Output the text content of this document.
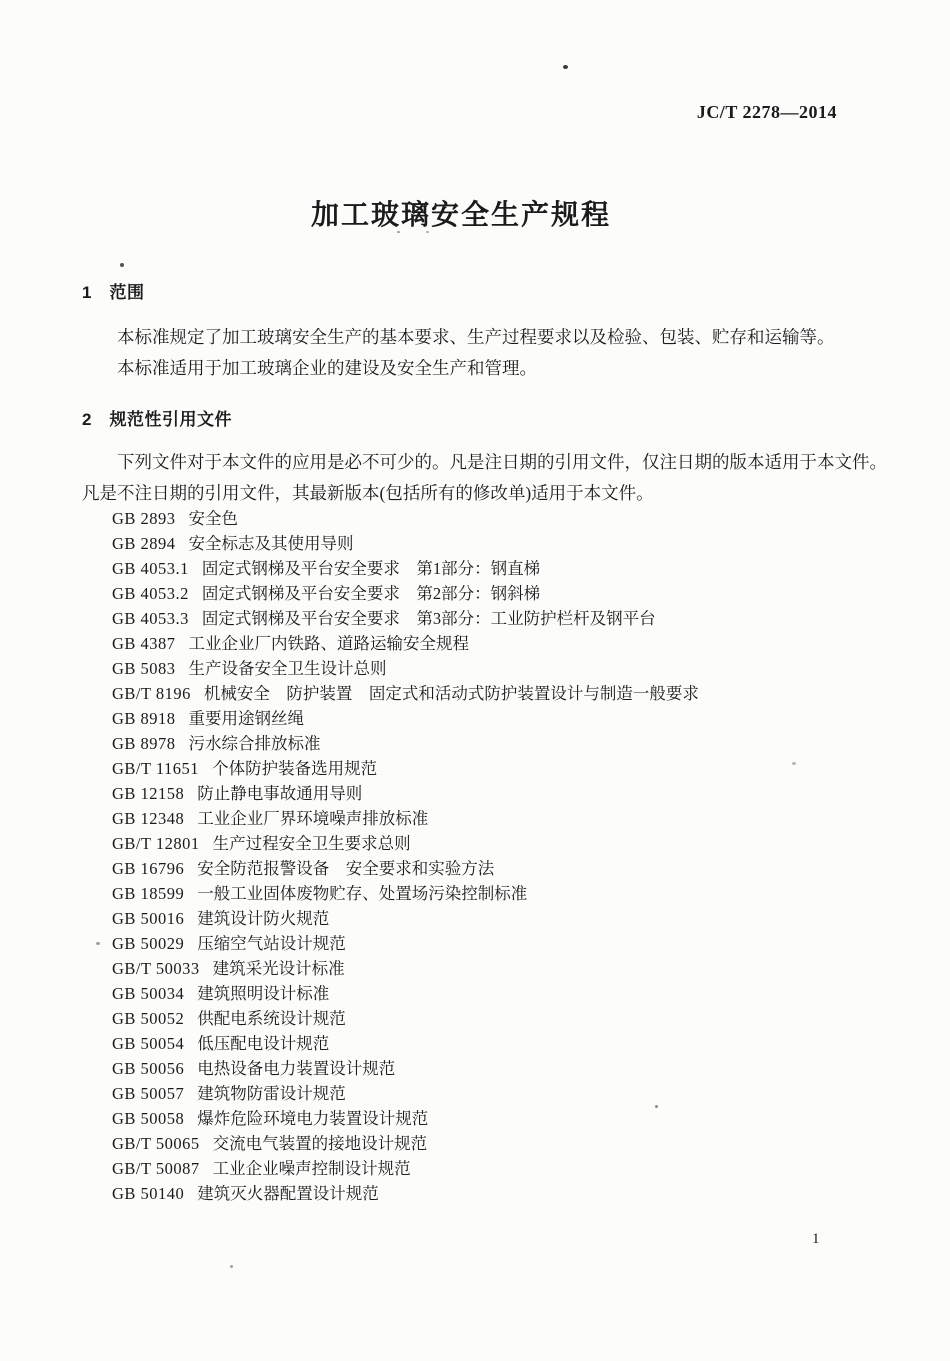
JC/T 2278—2014
加工玻璃安全生产规程
1　范围
本标准规定了加工玻璃安全生产的基本要求、生产过程要求以及检验、包装、贮存和运输等。
本标准适用于加工玻璃企业的建设及安全生产和管理。
2　规范性引用文件
下列文件对于本文件的应用是必不可少的。凡是注日期的引用文件，仅注日期的版本适用于本文件。
凡是不注日期的引用文件，其最新版本(包括所有的修改单)适用于本文件。
GB 2893 安全色
GB 2894 安全标志及其使用导则
GB 4053.1 固定式钢梯及平台安全要求　第1部分：钢直梯
GB 4053.2 固定式钢梯及平台安全要求　第2部分：钢斜梯
GB 4053.3 固定式钢梯及平台安全要求　第3部分：工业防护栏杆及钢平台
GB 4387 工业企业厂内铁路、道路运输安全规程
GB 5083 生产设备安全卫生设计总则
GB/T 8196 机械安全　防护装置　固定式和活动式防护装置设计与制造一般要求
GB 8918 重要用途钢丝绳
GB 8978 污水综合排放标准
GB/T 11651 个体防护装备选用规范
GB 12158 防止静电事故通用导则
GB 12348 工业企业厂界环境噪声排放标准
GB/T 12801 生产过程安全卫生要求总则
GB 16796 安全防范报警设备　安全要求和实验方法
GB 18599 一般工业固体废物贮存、处置场污染控制标准
GB 50016 建筑设计防火规范
GB 50029 压缩空气站设计规范
GB/T 50033 建筑采光设计标准
GB 50034 建筑照明设计标准
GB 50052 供配电系统设计规范
GB 50054 低压配电设计规范
GB 50056 电热设备电力装置设计规范
GB 50057 建筑物防雷设计规范
GB 50058 爆炸危险环境电力装置设计规范
GB/T 50065 交流电气装置的接地设计规范
GB/T 50087 工业企业噪声控制设计规范
GB 50140 建筑灭火器配置设计规范
1
